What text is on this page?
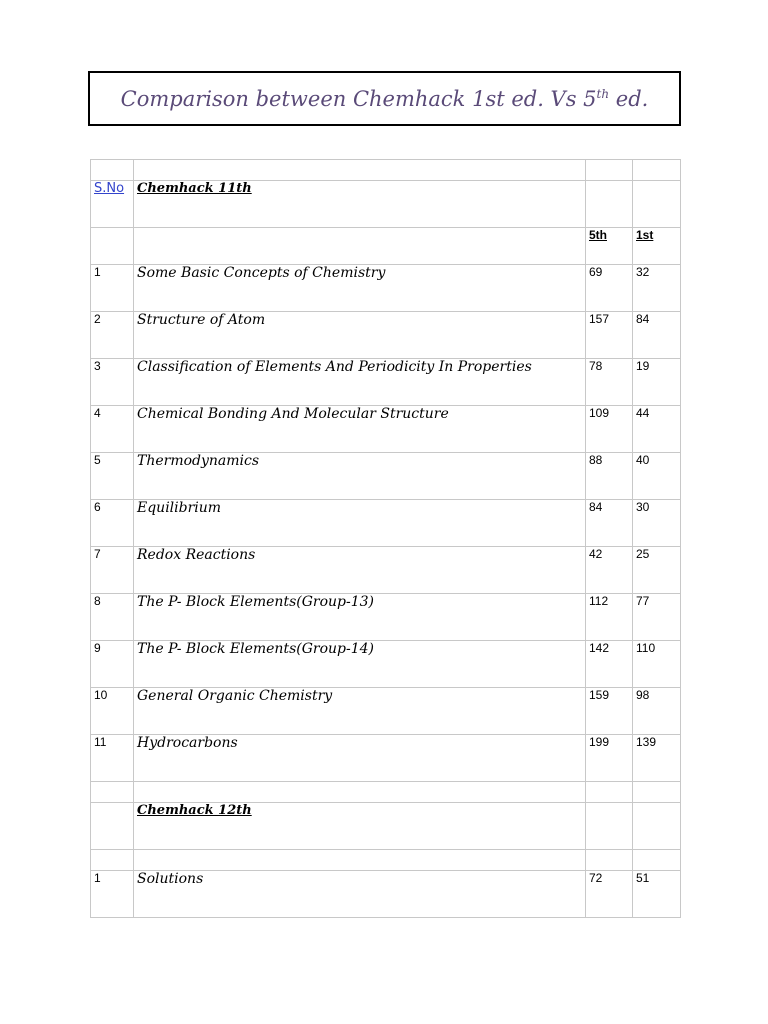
Comparison between Chemhack 1st ed. Vs 5th ed.

S.No	Chemhack 11th		
		5th	1st
1	Some Basic Concepts of Chemistry	69	32
2	Structure of Atom	157	84
3	Classification of Elements And Periodicity In Properties	78	19
4	Chemical Bonding And Molecular Structure	109	44
5	Thermodynamics	88	40
6	Equilibrium	84	30
7	Redox Reactions	42	25
8	The P- Block Elements(Group-13)	112	77
9	The P- Block Elements(Group-14)	142	110
10	General Organic Chemistry	159	98
11	Hydrocarbons	199	139

	Chemhack 12th		

1	Solutions	72	51
